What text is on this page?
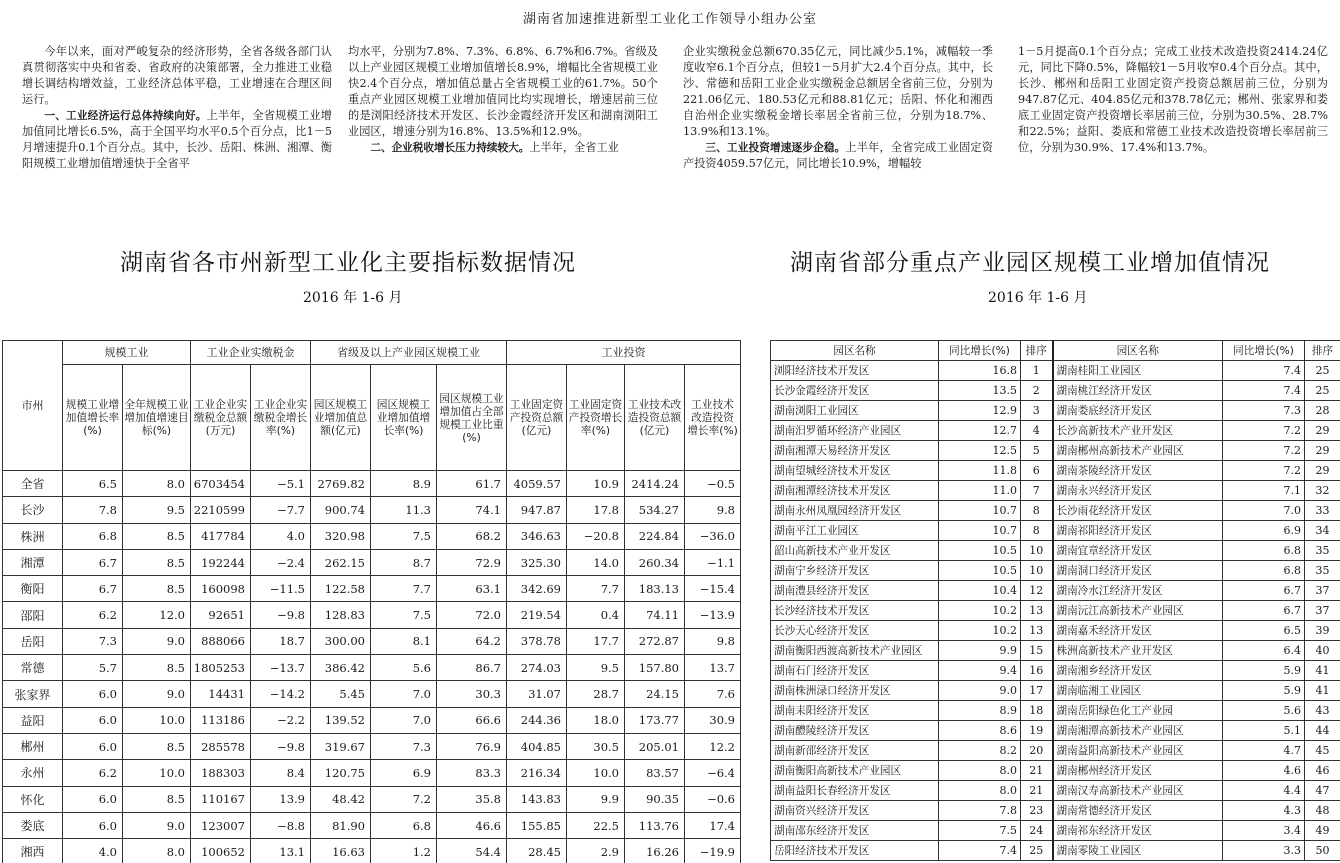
湖南省加速推进新型工业化工作领导小组办公室

今年以来，面对严峻复杂的经济形势，全省各级各部门认真贯彻落实中央和省委、省政府的决策部署，全力推进工业稳增长调结构增效益，工业经济总体平稳，工业增速在合理区间运行。

一、工业经济运行总体持续向好。上半年，全省规模工业增加值同比增长6.5%，高于全国平均水平0.5个百分点，比1－5月增速提升0.1个百分点。其中，长沙、岳阳、株洲、湘潭、衡阳规模工业增加值增速快于全省平

均水平，分别为7.8%、7.3%、6.8%、6.7%和6.7%。省级及以上产业园区规模工业增加值增长8.9%，增幅比全省规模工业快2.4个百分点，增加值总量占全省规模工业的61.7%。50个重点产业园区规模工业增加值同比均实现增长，增速居前三位的是浏阳经济技术开发区、长沙金霞经济开发区和湖南浏阳工业园区，增速分别为16.8%、13.5%和12.9%。

二、企业税收增长压力持续较大。上半年，全省工业

企业实缴税金总额670.35亿元，同比减少5.1%，减幅较一季度收窄6.1个百分点，但较1－5月扩大2.4个百分点。其中，长沙、常德和岳阳工业企业实缴税金总额居全省前三位，分别为221.06亿元、180.53亿元和88.81亿元；岳阳、怀化和湘西自治州企业实缴税金增长率居全省前三位，分别为18.7%、13.9%和13.1%。

三、工业投资增速逐步企稳。上半年，全省完成工业固定资产投资4059.57亿元，同比增长10.9%，增幅较

1－5月提高0.1个百分点；完成工业技术改造投资2414.24亿元，同比下降0.5%，降幅较1－5月收窄0.4个百分点。其中，长沙、郴州和岳阳工业固定资产投资总额居前三位，分别为947.87亿元、404.85亿元和378.78亿元；郴州、张家界和娄底工业固定资产投资增长率居前三位，分别为30.5%、28.7%和22.5%；益阳、娄底和常德工业技术改造投资增长率居前三位，分别为30.9%、17.4%和13.7%。

湖南省各市州新型工业化主要指标数据情况
2016 年 1-6 月
湖南省部分重点产业园区规模工业增加值情况
2016 年 1-6 月
市州	规模工业		工业企业实缴税金		省级及以上产业园区规模工业			工业投资			
	规模工业增加值增长率(%)	全年规模工业增加值增速目标(%)	工业企业实缴税金总额(万元)	工业企业实缴税金增长率(%)	园区规模工业增加值总额(亿元)	园区规模工业增加值增长率(%)	园区规模工业增加值占全部规模工业比重(%)	工业固定资产投资总额(亿元)	工业固定资产投资增长率(%)	工业技术改造投资总额(亿元)	工业技术改造投资增长率(%)
全省	6.5	8.0	6703454	−5.1	2769.82	8.9	61.7	4059.57	10.9	2414.24	−0.5
长沙	7.8	9.5	2210599	−7.7	900.74	11.3	74.1	947.87	17.8	534.27	9.8
株洲	6.8	8.5	417784	4.0	320.98	7.5	68.2	346.63	−20.8	224.84	−36.0
湘潭	6.7	8.5	192244	−2.4	262.15	8.7	72.9	325.30	14.0	260.34	−1.1
衡阳	6.7	8.5	160098	−11.5	122.58	7.7	63.1	342.69	7.7	183.13	−15.4
邵阳	6.2	12.0	92651	−9.8	128.83	7.5	72.0	219.54	0.4	74.11	−13.9
岳阳	7.3	9.0	888066	18.7	300.00	8.1	64.2	378.78	17.7	272.87	9.8
常德	5.7	8.5	1805253	−13.7	386.42	5.6	86.7	274.03	9.5	157.80	13.7
张家界	6.0	9.0	14431	−14.2	5.45	7.0	30.3	31.07	28.7	24.15	7.6
益阳	6.0	10.0	113186	−2.2	139.52	7.0	66.6	244.36	18.0	173.77	30.9
郴州	6.0	8.5	285578	−9.8	319.67	7.3	76.9	404.85	30.5	205.01	12.2
永州	6.2	10.0	188303	8.4	120.75	6.9	83.3	216.34	10.0	83.57	−6.4
怀化	6.0	8.5	110167	13.9	48.42	7.2	35.8	143.83	9.9	90.35	−0.6
娄底	6.0	9.0	123007	−8.8	81.90	6.8	46.6	155.85	22.5	113.76	17.4
湘西	4.0	8.0	100652	13.1	16.63	1.2	54.4	28.45	2.9	16.26	−19.9
园区名称	同比增长(%)	排序	园区名称	同比增长(%)	排序
浏阳经济技术开发区	16.8	1	湖南桂阳工业园区	7.4	25
长沙金霞经济开发区	13.5	2	湖南桃江经济开发区	7.4	25
湖南浏阳工业园区	12.9	3	湖南娄底经济开发区	7.3	28
湖南汨罗循环经济产业园区	12.7	4	长沙高新技术产业开发区	7.2	29
湖南湘潭天易经济开发区	12.5	5	湖南郴州高新技术产业园区	7.2	29
湖南望城经济技术开发区	11.8	6	湖南茶陵经济开发区	7.2	29
湖南湘潭经济技术开发区	11.0	7	湖南永兴经济开发区	7.1	32
湖南永州凤凰园经济开发区	10.7	8	长沙雨花经济开发区	7.0	33
湖南平江工业园区	10.7	8	湖南祁阳经济开发区	6.9	34
韶山高新技术产业开发区	10.5	10	湖南宜章经济开发区	6.8	35
湖南宁乡经济开发区	10.5	10	湖南洞口经济开发区	6.8	35
湖南澧县经济开发区	10.4	12	湖南冷水江经济开发区	6.7	37
长沙经济技术开发区	10.2	13	湖南沅江高新技术产业园区	6.7	37
长沙天心经济开发区	10.2	13	湖南嘉禾经济开发区	6.5	39
湖南衡阳西渡高新技术产业园区	9.9	15	株洲高新技术产业开发区	6.4	40
湖南石门经济开发区	9.4	16	湖南湘乡经济开发区	5.9	41
湖南株洲渌口经济开发区	9.0	17	湖南临湘工业园区	5.9	41
湖南耒阳经济开发区	8.9	18	湖南岳阳绿色化工产业园	5.6	43
湖南醴陵经济开发区	8.6	19	湖南湘潭高新技术产业园区	5.1	44
湖南新邵经济开发区	8.2	20	湖南益阳高新技术产业园区	4.7	45
湖南衡阳高新技术产业园区	8.0	21	湖南郴州经济开发区	4.6	46
湖南益阳长春经济开发区	8.0	21	湖南汉寿高新技术产业园区	4.4	47
湖南资兴经济开发区	7.8	23	湖南常德经济开发区	4.3	48
湖南邵东经济开发区	7.5	24	湖南祁东经济开发区	3.4	49
岳阳经济技术开发区	7.4	25	湖南零陵工业园区	3.3	50
